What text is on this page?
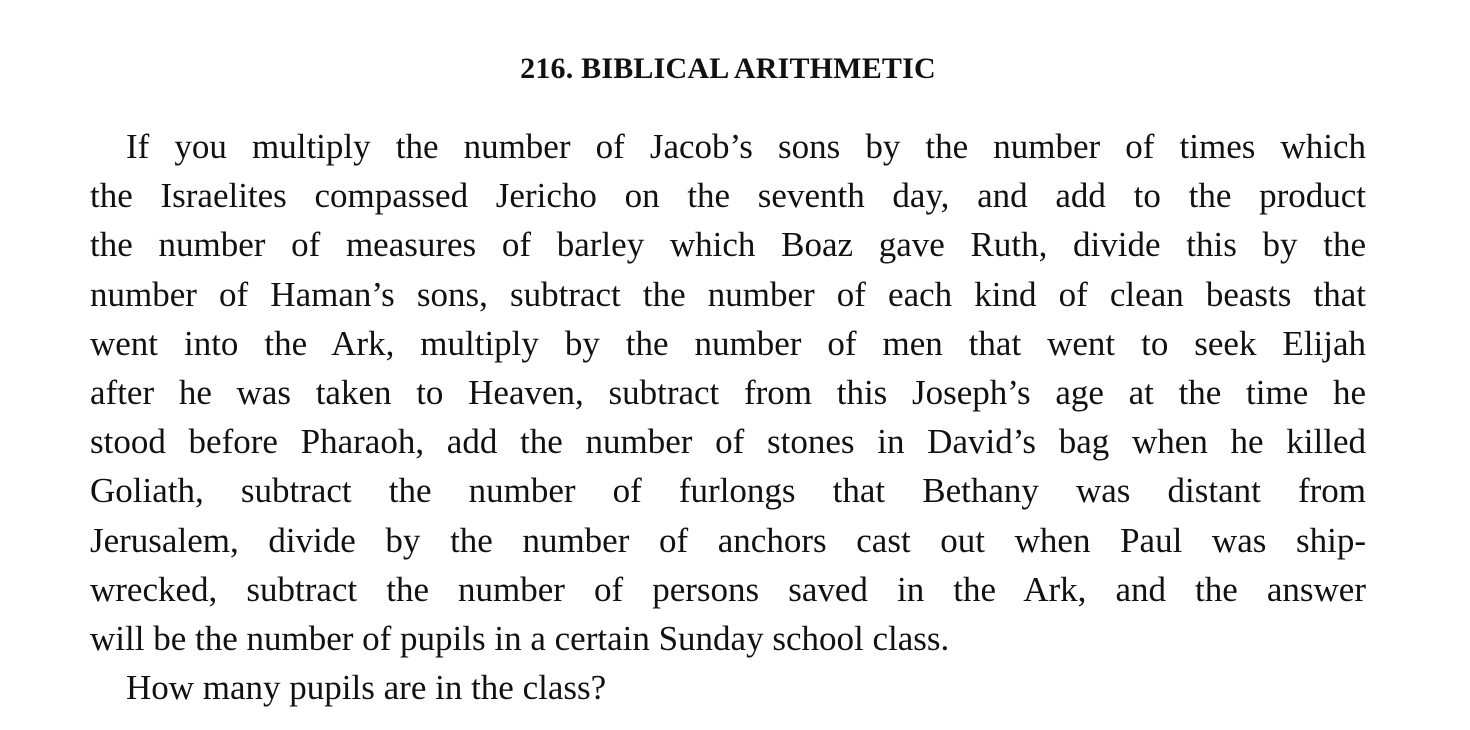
216. BIBLICAL ARITHMETIC
If you multiply the number of Jacob’s sons by the number of times which
the Israelites compassed Jericho on the seventh day, and add to the product
the number of measures of barley which Boaz gave Ruth, divide this by the
number of Haman’s sons, subtract the number of each kind of clean beasts that
went into the Ark, multiply by the number of men that went to seek Elijah
after he was taken to Heaven, subtract from this Joseph’s age at the time he
stood before Pharaoh, add the number of stones in David’s bag when he killed
Goliath, subtract the number of furlongs that Bethany was distant from
Jerusalem, divide by the number of anchors cast out when Paul was ship-
wrecked, subtract the number of persons saved in the Ark, and the answer
will be the number of pupils in a certain Sunday school class.
How many pupils are in the class?
